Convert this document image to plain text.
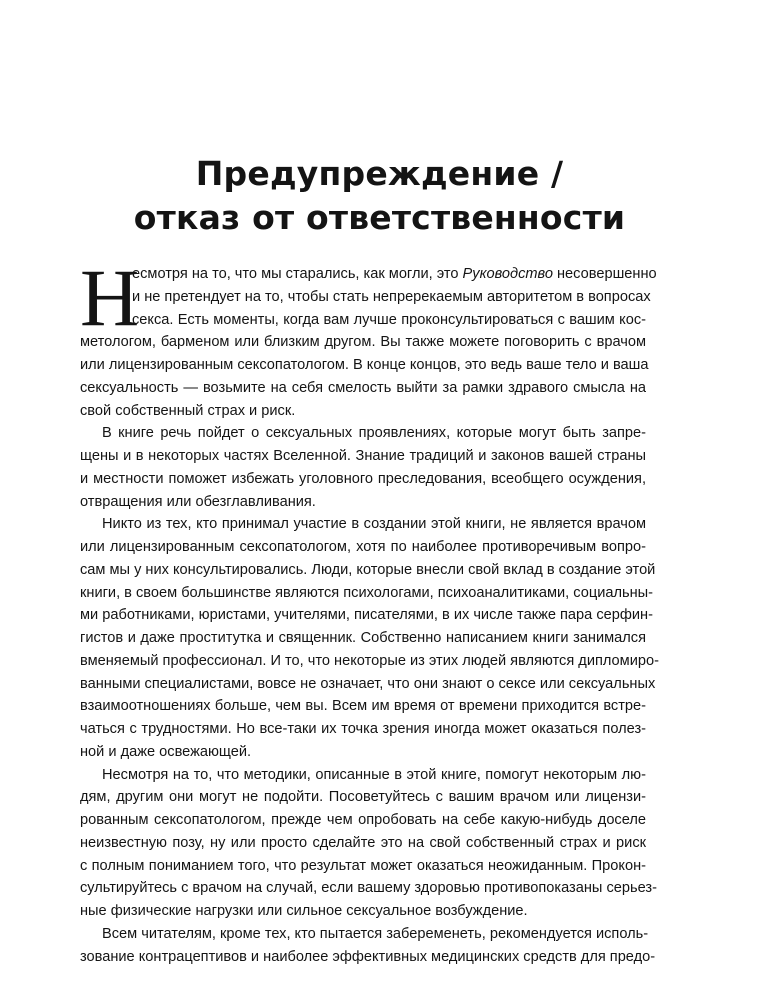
Предупреждение /
отказ от ответственности
Н
есмотря на то, что мы старались, как могли, это Руководство несовершенно
и не претендует на то, чтобы стать непререкаемым авторитетом в вопросах
секса. Есть моменты, когда вам лучше проконсультироваться с вашим кос-
метологом, барменом или близким другом. Вы также можете поговорить с врачом
или лицензированным сексопатологом. В конце концов, это ведь ваше тело и ваша
сексуальность — возьмите на себя смелость выйти за рамки здравого смысла на
свой собственный страх и риск.
В книге речь пойдет о сексуальных проявлениях, которые могут быть запре-
щены и в некоторых частях Вселенной. Знание традиций и законов вашей страны
и местности поможет избежать уголовного преследования, всеобщего осуждения,
отвращения или обезглавливания.
Никто из тех, кто принимал участие в создании этой книги, не является врачом
или лицензированным сексопатологом, хотя по наиболее противоречивым вопро-
сам мы у них консультировались. Люди, которые внесли свой вклад в создание этой
книги, в своем большинстве являются психологами, психоаналитиками, социальны-
ми работниками, юристами, учителями, писателями, в их числе также пара серфин-
гистов и даже проститутка и священник. Собственно написанием книги занимался
вменяемый профессионал. И то, что некоторые из этих людей являются дипломиро-
ванными специалистами, вовсе не означает, что они знают о сексе или сексуальных
взаимоотношениях больше, чем вы. Всем им время от времени приходится встре-
чаться с трудностями. Но все-таки их точка зрения иногда может оказаться полез-
ной и даже освежающей.
Несмотря на то, что методики, описанные в этой книге, помогут некоторым лю-
дям, другим они могут не подойти. Посоветуйтесь с вашим врачом или лицензи-
рованным сексопатологом, прежде чем опробовать на себе какую-нибудь доселе
неизвестную позу, ну или просто сделайте это на свой собственный страх и риск
с полным пониманием того, что результат может оказаться неожиданным. Прокон-
сультируйтесь с врачом на случай, если вашему здоровью противопоказаны серьез-
ные физические нагрузки или сильное сексуальное возбуждение.
Всем читателям, кроме тех, кто пытается забеременеть, рекомендуется исполь-
зование контрацептивов и наиболее эффективных медицинских средств для предо-
